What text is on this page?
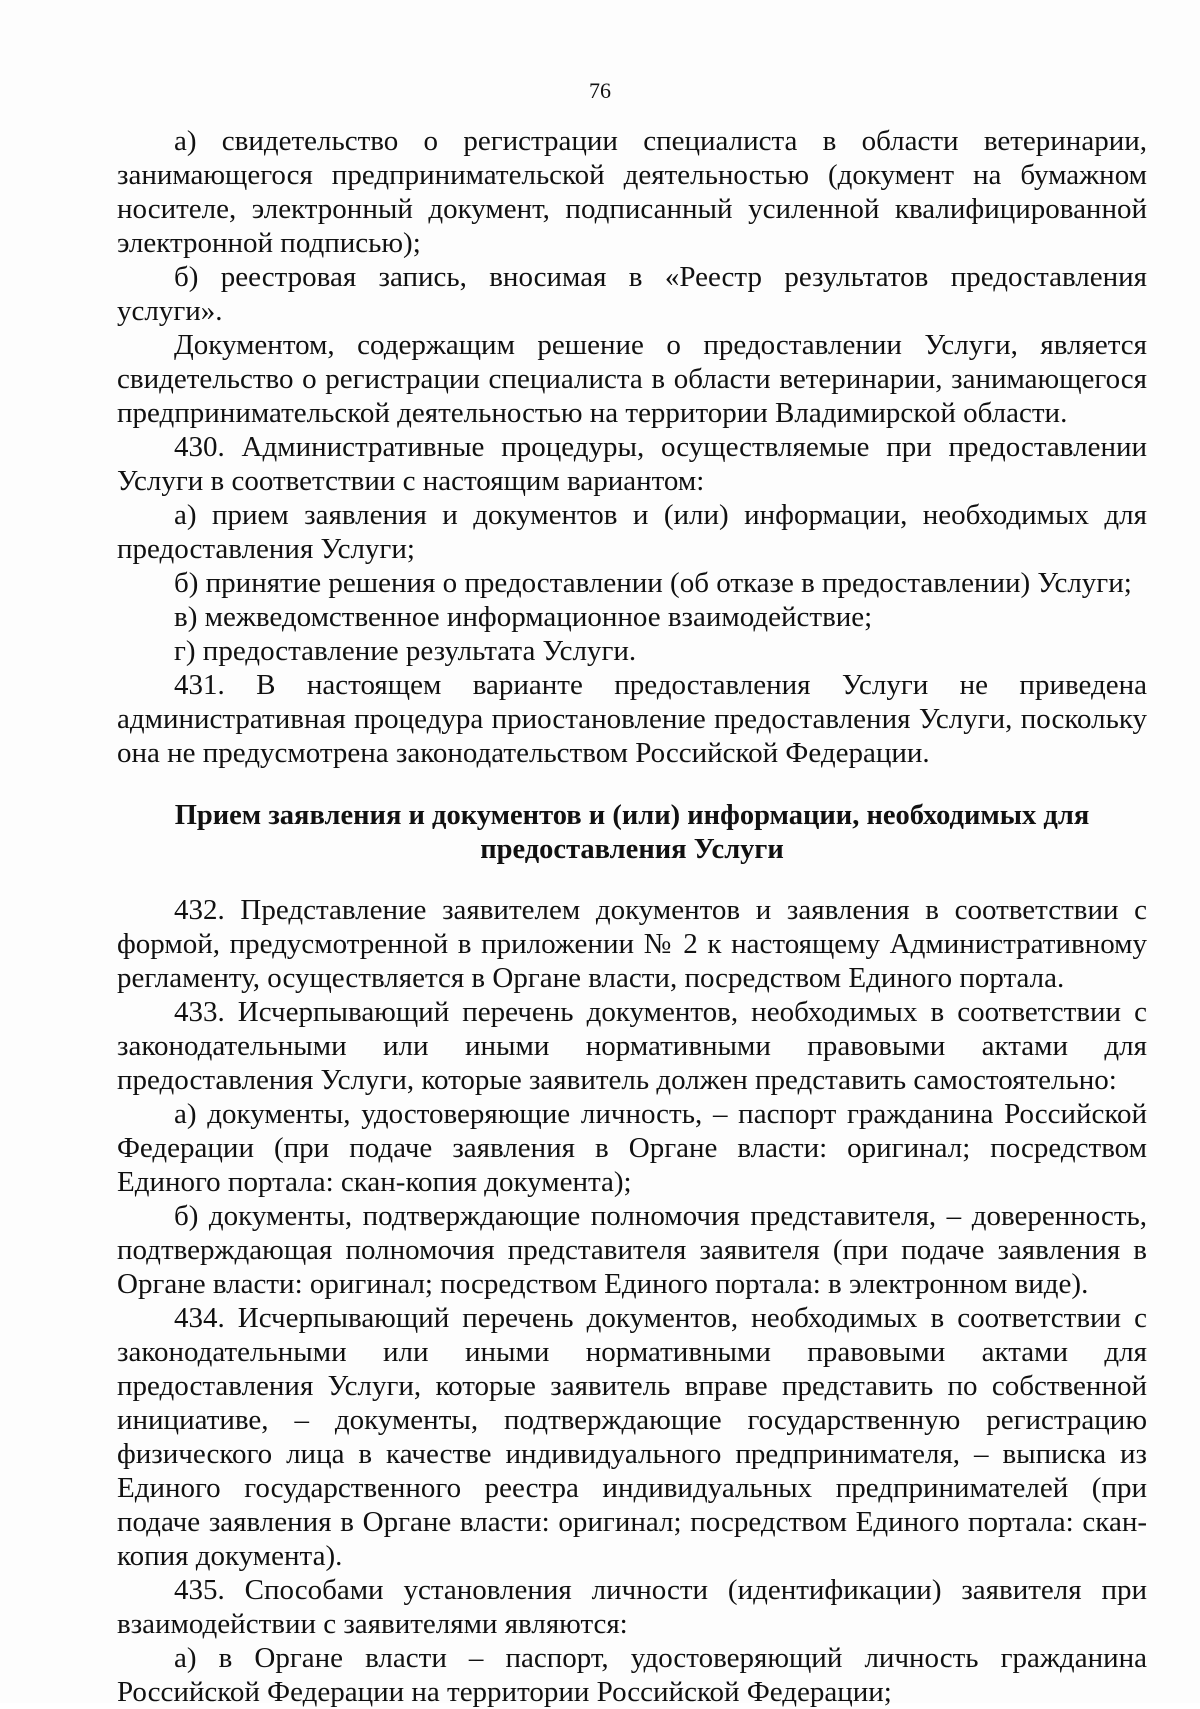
76

а) свидетельство о регистрации специалиста в области ветеринарии, занимающегося предпринимательской деятельностью (документ на бумажном носителе, электронный документ, подписанный усиленной квалифицированной электронной подписью);

б) реестровая запись, вносимая в «Реестр результатов предоставления услуги».

Документом, содержащим решение о предоставлении Услуги, является свидетельство о регистрации специалиста в области ветеринарии, занимающегося предпринимательской деятельностью на территории Владимирской области.

430. Административные процедуры, осуществляемые при предоставлении Услуги в соответствии с настоящим вариантом:

а) прием заявления и документов и (или) информации, необходимых для предоставления Услуги;

б) принятие решения о предоставлении (об отказе в предоставлении) Услуги;

в) межведомственное информационное взаимодействие;

г) предоставление результата Услуги.

431. В настоящем варианте предоставления Услуги не приведена административная процедура приостановление предоставления Услуги, поскольку она не предусмотрена законодательством Российской Федерации.

Прием заявления и документов и (или) информации, необходимых для
предоставления Услуги

432. Представление заявителем документов и заявления в соответствии с формой, предусмотренной в приложении № 2 к настоящему Административному регламенту, осуществляется в Органе власти, посредством Единого портала.

433. Исчерпывающий перечень документов, необходимых в соответствии с законодательными или иными нормативными правовыми актами для предоставления Услуги, которые заявитель должен представить самостоятельно:

а) документы, удостоверяющие личность, – паспорт гражданина Российской Федерации (при подаче заявления в Органе власти: оригинал; посредством Единого портала: скан-копия документа);

б) документы, подтверждающие полномочия представителя, – доверенность, подтверждающая полномочия представителя заявителя (при подаче заявления в Органе власти: оригинал; посредством Единого портала: в электронном виде).

434. Исчерпывающий перечень документов, необходимых в соответствии с законодательными или иными нормативными правовыми актами для предоставления Услуги, которые заявитель вправе представить по собственной инициативе, – документы, подтверждающие государственную регистрацию физического лица в качестве индивидуального предпринимателя, – выписка из Единого государственного реестра индивидуальных предпринимателей (при подаче заявления в Органе власти: оригинал; посредством Единого портала: скан-копия документа).

435. Способами установления личности (идентификации) заявителя при взаимодействии с заявителями являются:

а) в Органе власти – паспорт, удостоверяющий личность гражданина Российской Федерации на территории Российской Федерации;
